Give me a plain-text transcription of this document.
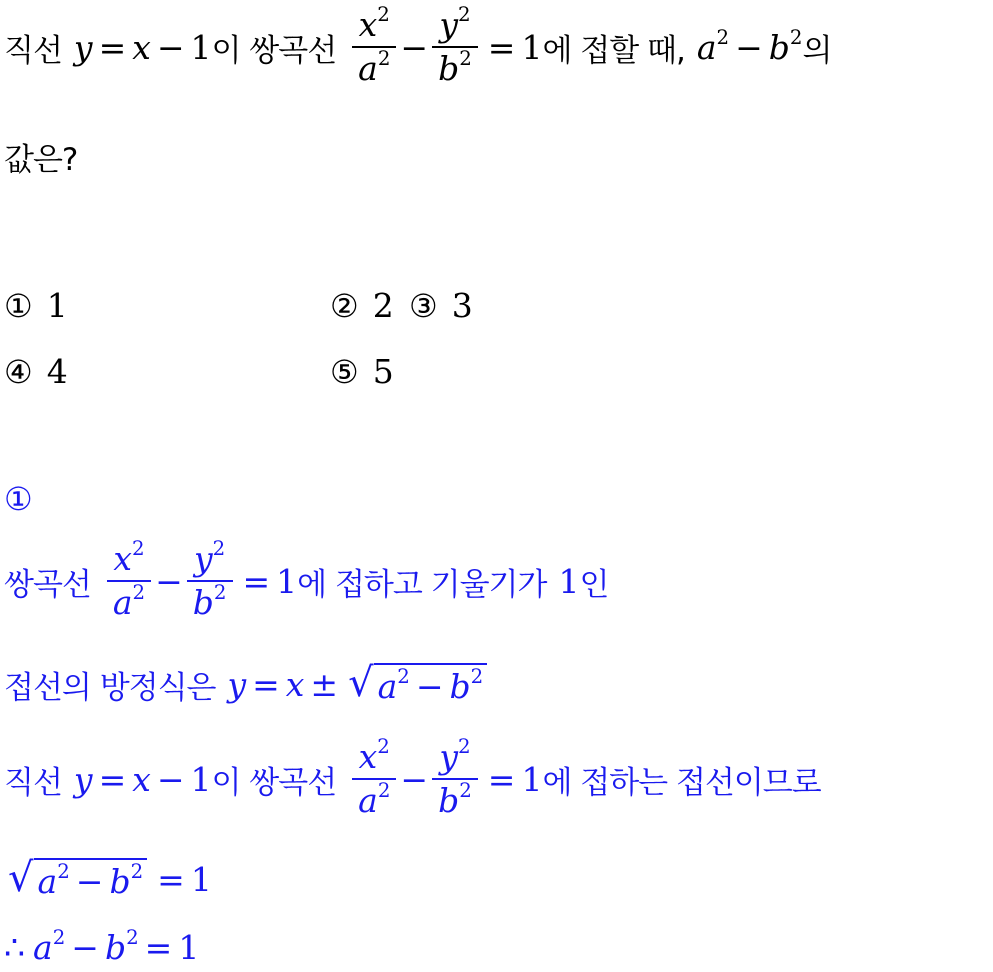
직선 y = x − 1 이 쌍곡선 $\frac{x^2}{a^2} - \frac{y^2}{b^2} = 1$ 에 접할 때, $a^2 - b^2$ 의
값은?
① 1	② 2 ③ 3
④ 4	⑤ 5
①
쌍곡선 $\frac{x^2}{a^2} - \frac{y^2}{b^2} = 1$ 에 접하고 기울기가 1 인
접선의 방정식은 y = x ± √ $a^2 - b^2$
직선 y = x − 1 이 쌍곡선 $\frac{x^2}{a^2} - \frac{y^2}{b^2} = 1$ 에 접하는 접선이므로
√ $a^2 - b^2 = 1$
∴ $a^2 - b^2 = 1$
